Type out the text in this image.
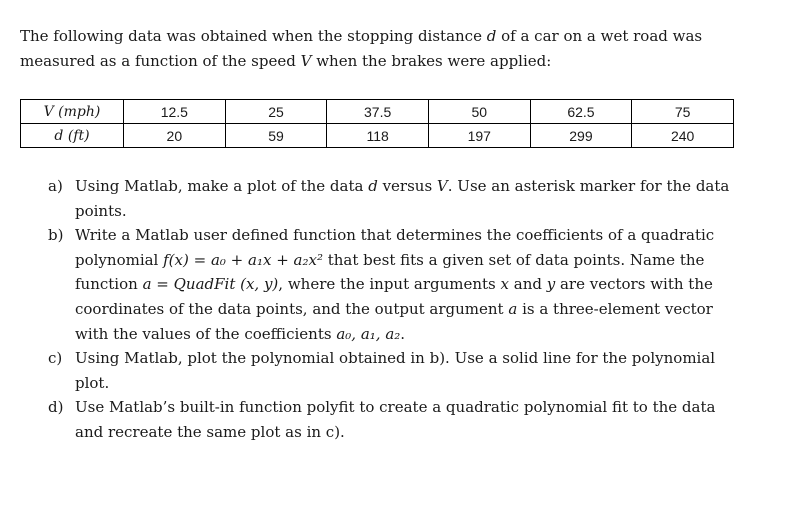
The following data was obtained when the stopping distance d of a car on a wet road was measured as a function of the speed V when the brakes were applied:
V (mph)	12.5	25	37.5	50	62.5	75
d (ft)	20	59	118	197	299	240
a) Using Matlab, make a plot of the data d versus V. Use an asterisk marker for the data points.
b) Write a Matlab user defined function that determines the coefficients of a quadratic polynomial f(x) = a₀ + a₁x + a₂x² that best fits a given set of data points. Name the function a = QuadFit (x, y), where the input arguments x and y are vectors with the coordinates of the data points, and the output argument a is a three-element vector with the values of the coefficients a₀, a₁, a₂.
c) Using Matlab, plot the polynomial obtained in b). Use a solid line for the polynomial plot.
d) Use Matlab’s built-in function polyfit to create a quadratic polynomial fit to the data and recreate the same plot as in c).
